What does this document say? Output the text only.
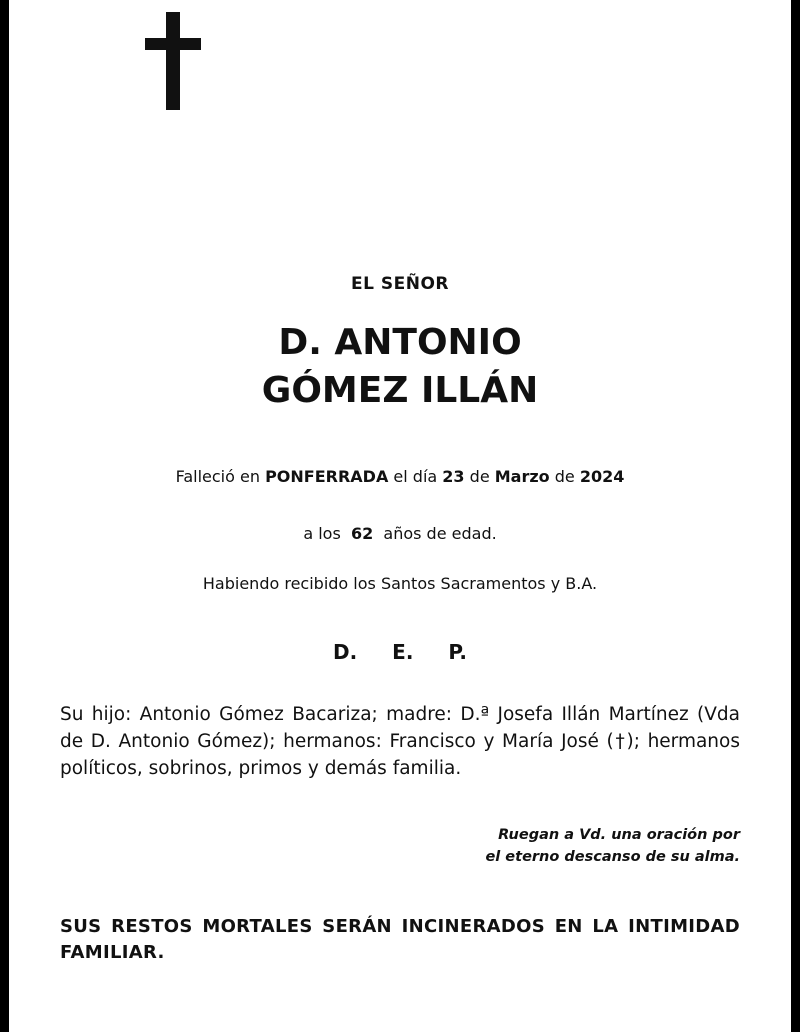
EL SEÑOR
D. ANTONIO
GÓMEZ ILLÁN
Falleció en PONFERRADA el día 23 de Marzo de 2024
a los 62 años de edad.
Habiendo recibido los Santos Sacramentos y B.A.
D. E. P.
Su hijo: Antonio Gómez Bacariza; madre: D.ª Josefa Illán Martínez (Vda de D. Antonio Gómez); hermanos: Francisco y María José (†); hermanos políticos, sobrinos, primos y demás familia.
Ruegan a Vd. una oración por
el eterno descanso de su alma.
SUS RESTOS MORTALES SERÁN INCINERADOS EN LA INTIMIDAD FAMILIAR.
